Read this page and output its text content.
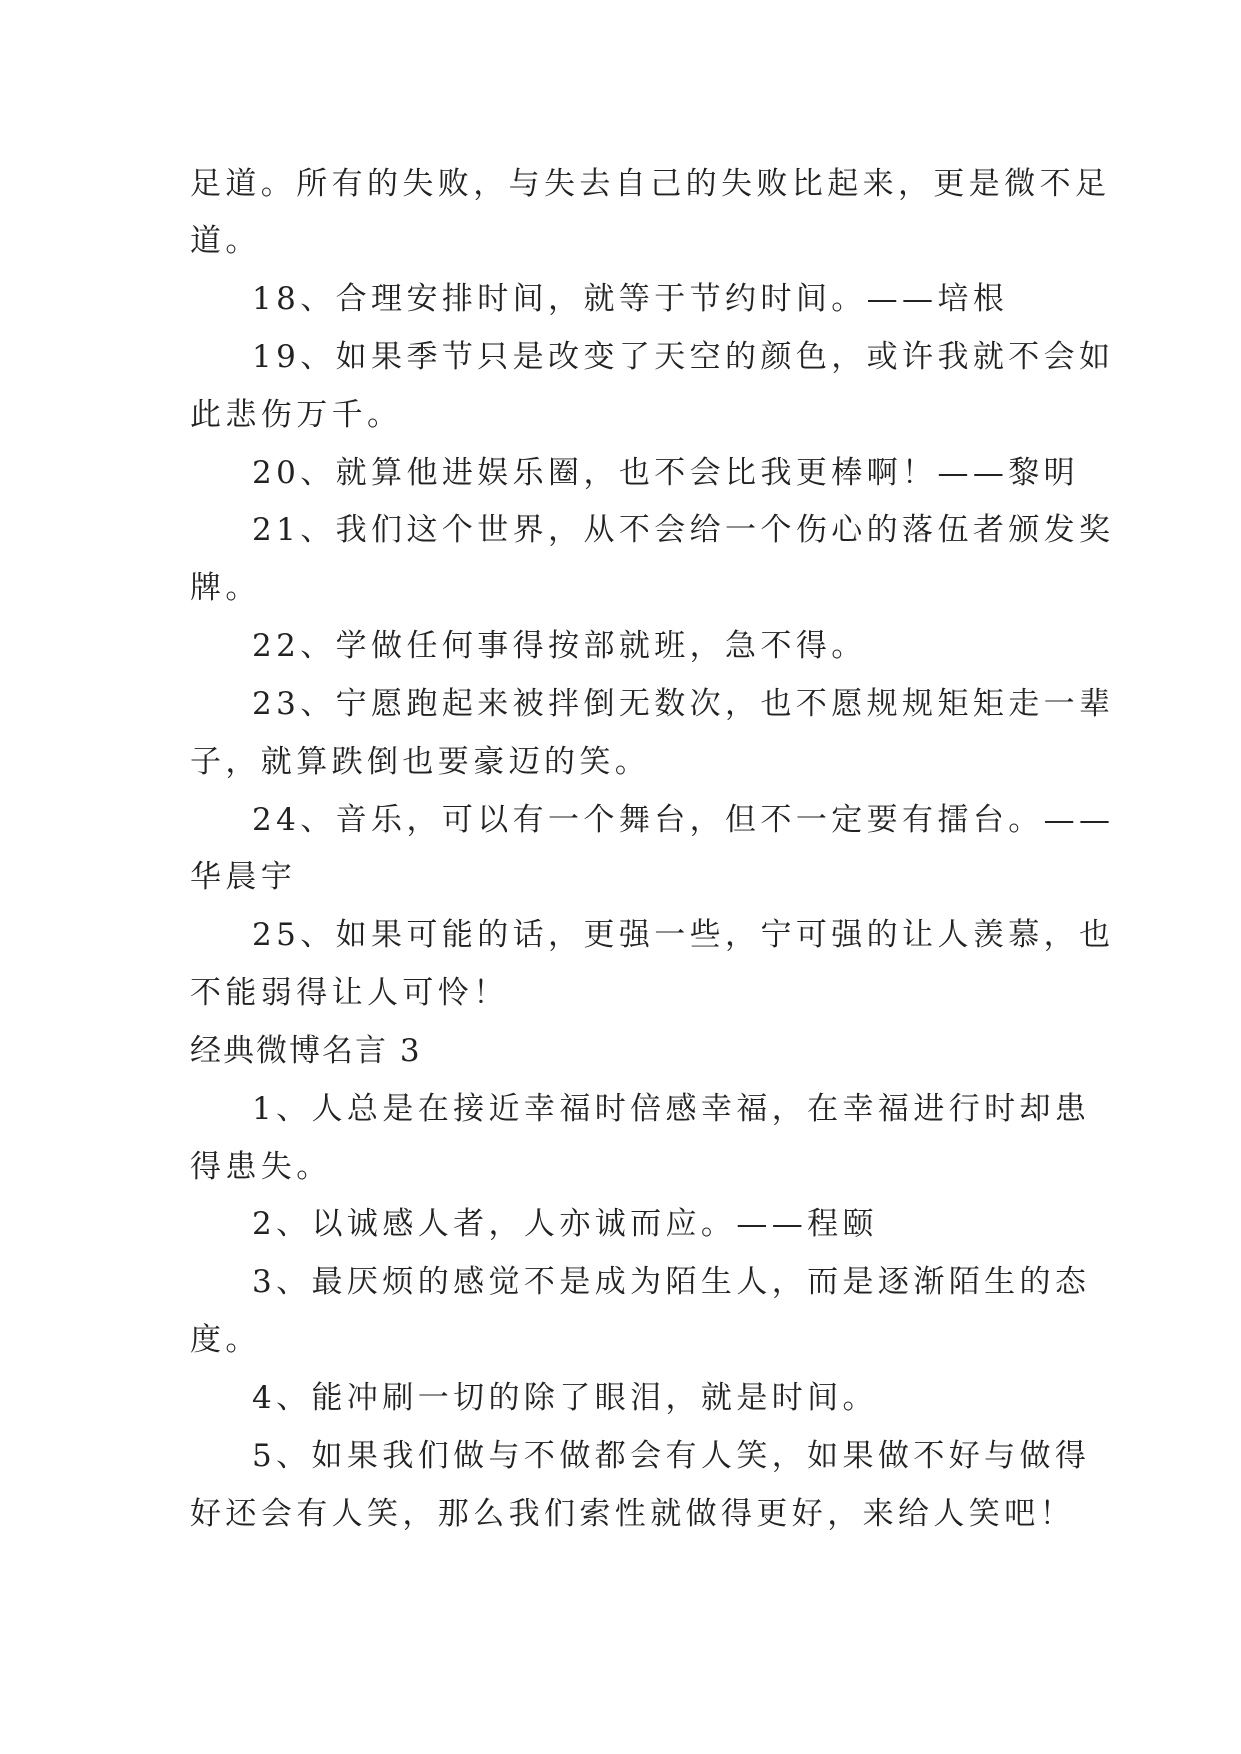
足道。所有的失败，与失去自己的失败比起来，更是微不足
道。
18、合理安排时间，就等于节约时间。——培根
19、如果季节只是改变了天空的颜色，或许我就不会如
此悲伤万千。
20、就算他进娱乐圈，也不会比我更棒啊！——黎明
21、我们这个世界，从不会给一个伤心的落伍者颁发奖
牌。
22、学做任何事得按部就班，急不得。
23、宁愿跑起来被拌倒无数次，也不愿规规矩矩走一辈
子，就算跌倒也要豪迈的笑。
24、音乐，可以有一个舞台，但不一定要有擂台。——
华晨宇
25、如果可能的话，更强一些，宁可强的让人羡慕，也
不能弱得让人可怜！
经典微博名言 3
1、人总是在接近幸福时倍感幸福，在幸福进行时却患
得患失。
2、以诚感人者，人亦诚而应。——程颐
3、最厌烦的感觉不是成为陌生人，而是逐渐陌生的态
度。
4、能冲刷一切的除了眼泪，就是时间。
5、如果我们做与不做都会有人笑，如果做不好与做得
好还会有人笑，那么我们索性就做得更好，来给人笑吧！
